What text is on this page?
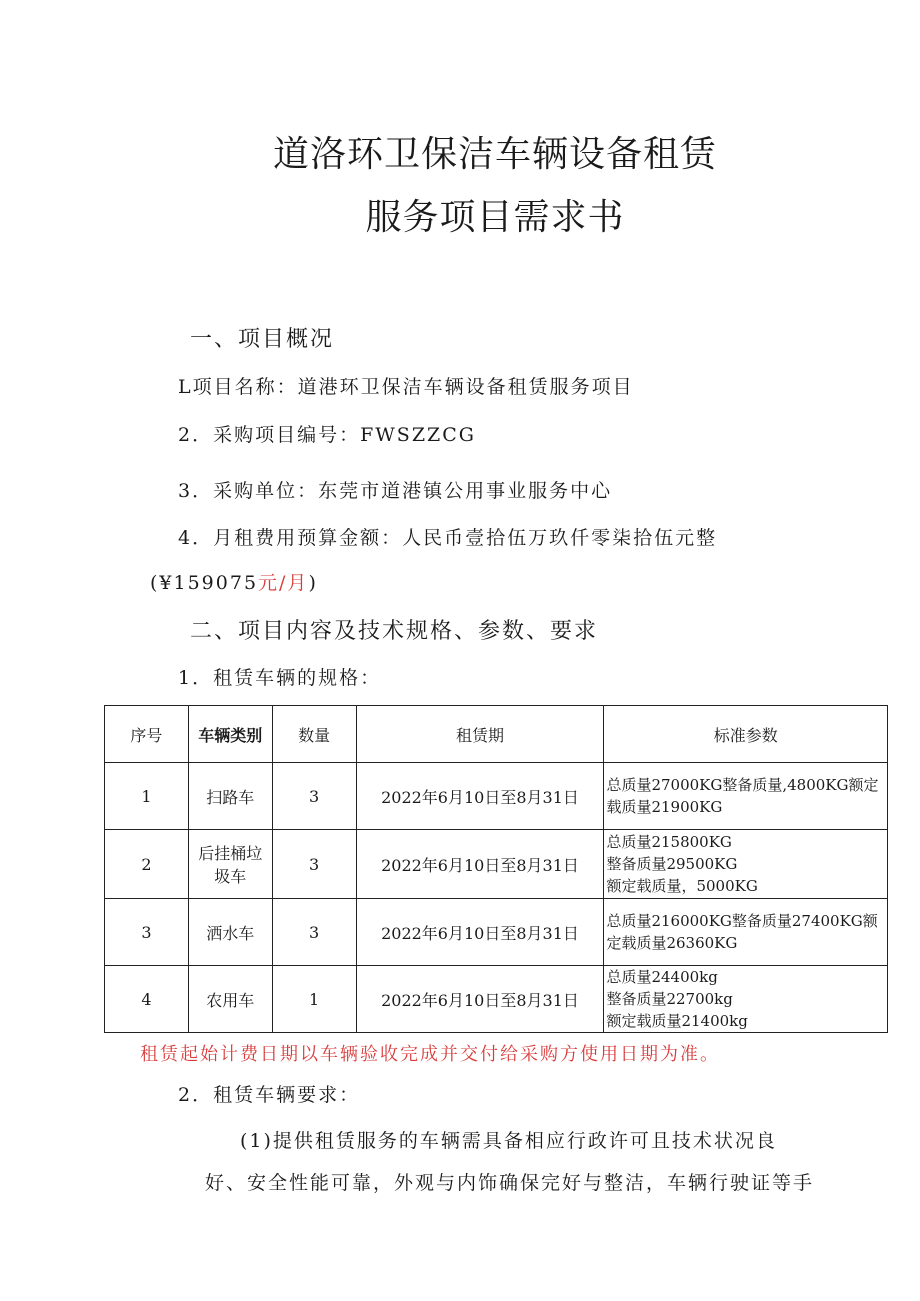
道洛环卫保洁车辆设备租赁
服务项目需求书
一、项目概况
L项目名称：道港环卫保洁车辆设备租赁服务项目
2．采购项目编号：FWSZZCG
3．采购单位：东莞市道港镇公用事业服务中心
4．月租费用预算金额：人民币壹拾伍万玖仟零柒拾伍元整
(¥159075元/月)
二、项目内容及技术规格、参数、要求
1．租赁车辆的规格：
序号	车辆类别	数量	租赁期	标准参数
1	扫路车	3	2022年6月10日至8月31日	总质量27000KG整备质量,4800KG额定载质量21900KG
2	后挂桶垃圾车	3	2022年6月10日至8月31日	总质量215800KG
整备质量29500KG
额定载质量，5000KG
3	洒水车	3	2022年6月10日至8月31日	总质量216000KG整备质量27400KG额定载质量26360KG
4	农用车	1	2022年6月10日至8月31日	总质量24400kg
整备质量22700kg
额定载质量21400kg
租赁起始计费日期以车辆验收完成并交付给采购方使用日期为准。
2．租赁车辆要求：
(1)提供租赁服务的车辆需具备相应行政许可且技术状况良
好、安全性能可靠，外观与内饰确保完好与整洁，车辆行驶证等手
